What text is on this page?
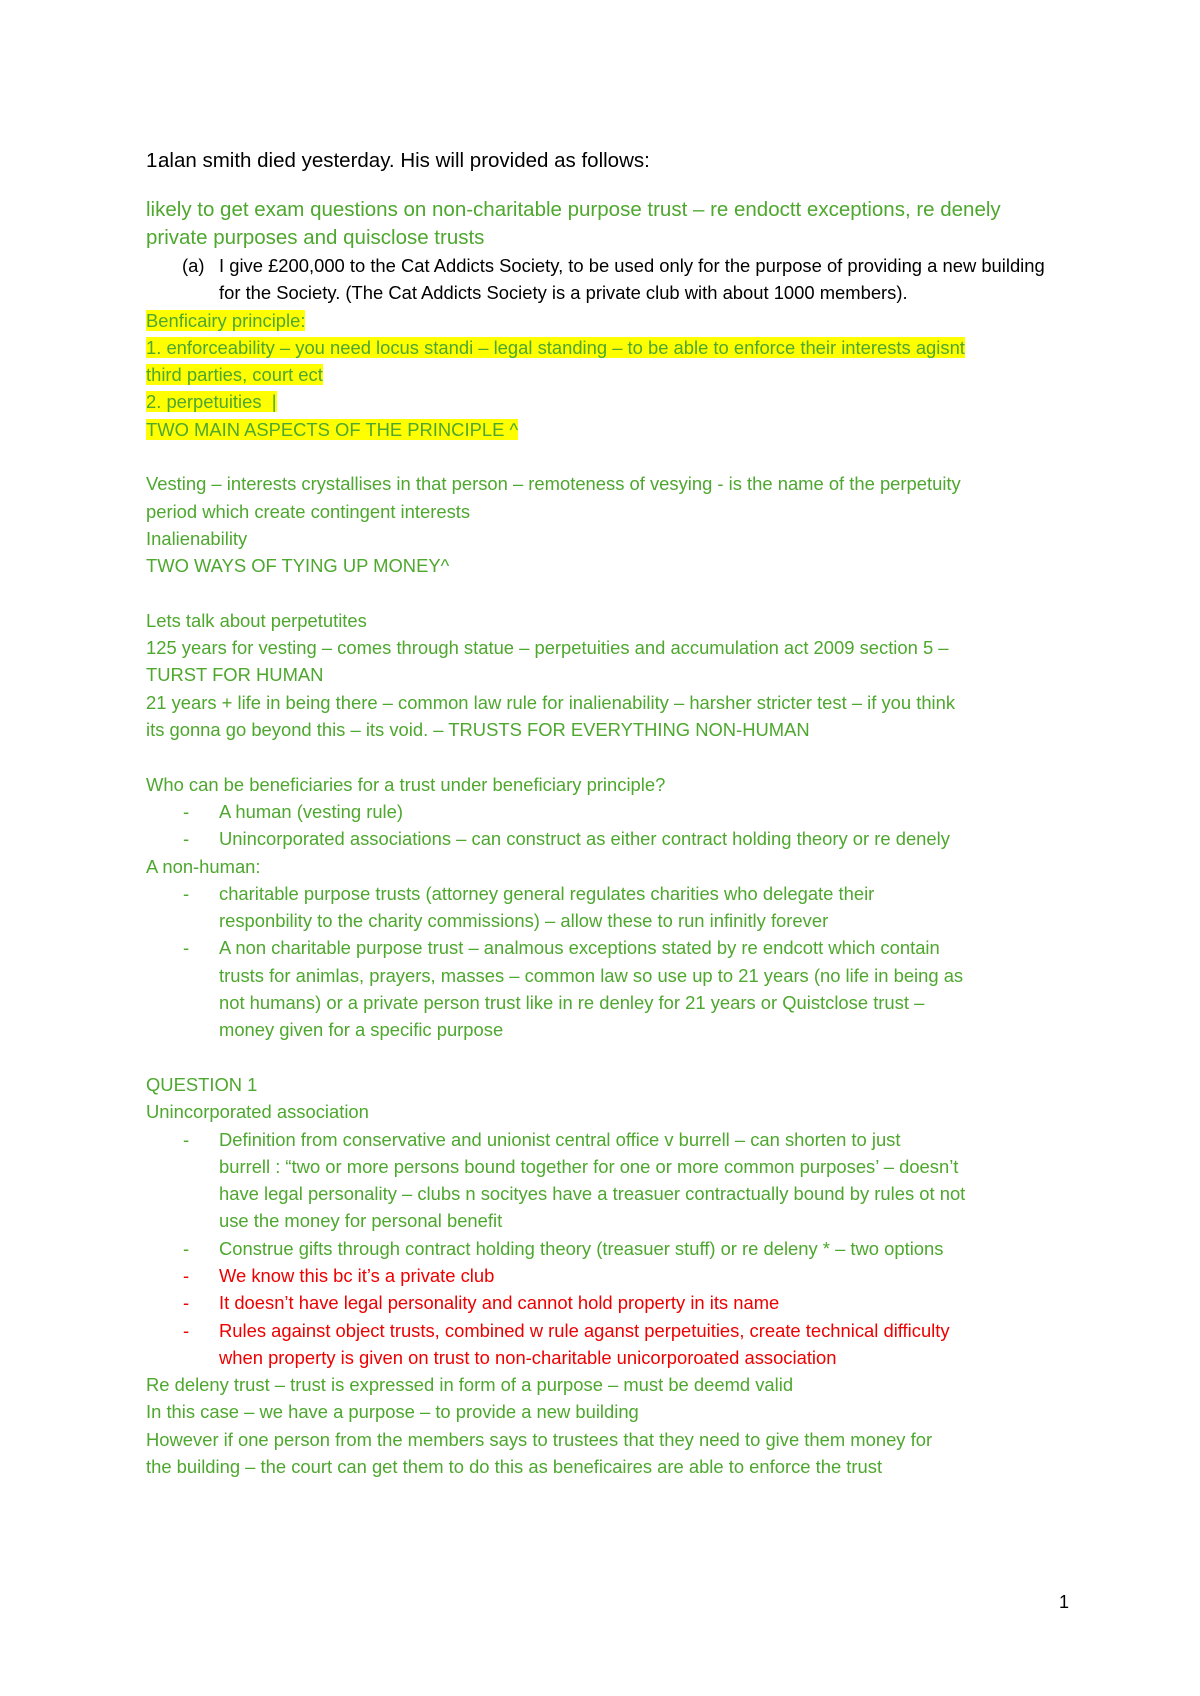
1.alan smith died yesterday. His will provided as follows:
likely to get exam questions on non-charitable purpose trust – re endoctt exceptions, re denely private purposes and quisclose trusts
(a) I give £200,000 to the Cat Addicts Society, to be used only for the purpose of providing a new building for the Society. (The Cat Addicts Society is a private club with about 1000 members).
Benficairy principle:
1. enforceability – you need locus standi – legal standing – to be able to enforce their interests agisnt
third parties, court ect
2. perpetuities |
TWO MAIN ASPECTS OF THE PRINCIPLE ^
Vesting – interests crystallises in that person – remoteness of vesying - is the name of the perpetuity
period which create contingent interests
Inalienability
TWO WAYS OF TYING UP MONEY^
Lets talk about perpetutites
125 years for vesting – comes through statue – perpetuities and accumulation act 2009 section 5 –
TURST FOR HUMAN
21 years + life in being there – common law rule for inalienability – harsher stricter test – if you think
its gonna go beyond this – its void. – TRUSTS FOR EVERYTHING NON-HUMAN
Who can be beneficiaries for a trust under beneficiary principle?
- A human (vesting rule)
- Unincorporated associations – can construct as either contract holding theory or re denely
A non-human:
- charitable purpose trusts (attorney general regulates charities who delegate their
responbility to the charity commissions) – allow these to run infinitly forever
- A non charitable purpose trust – analmous exceptions stated by re endcott which contain
trusts for animlas, prayers, masses – common law so use up to 21 years (no life in being as
not humans) or a private person trust like in re denley for 21 years or Quistclose trust –
money given for a specific purpose
QUESTION 1
Unincorporated association
- Definition from conservative and unionist central office v burrell – can shorten to just
burrell : “two or more persons bound together for one or more common purposes’ – doesn’t
have legal personality – clubs n socityes have a treasuer contractually bound by rules ot not
use the money for personal benefit
- Construe gifts through contract holding theory (treasuer stuff) or re deleny * – two options
- We know this bc it’s a private club
- It doesn’t have legal personality and cannot hold property in its name
- Rules against object trusts, combined w rule aganst perpetuities, create technical difficulty
when property is given on trust to non-charitable unicorporoated association
Re deleny trust – trust is expressed in form of a purpose – must be deemd valid
In this case – we have a purpose – to provide a new building
However if one person from the members says to trustees that they need to give them money for
the building – the court can get them to do this as beneficaires are able to enforce the trust
1
